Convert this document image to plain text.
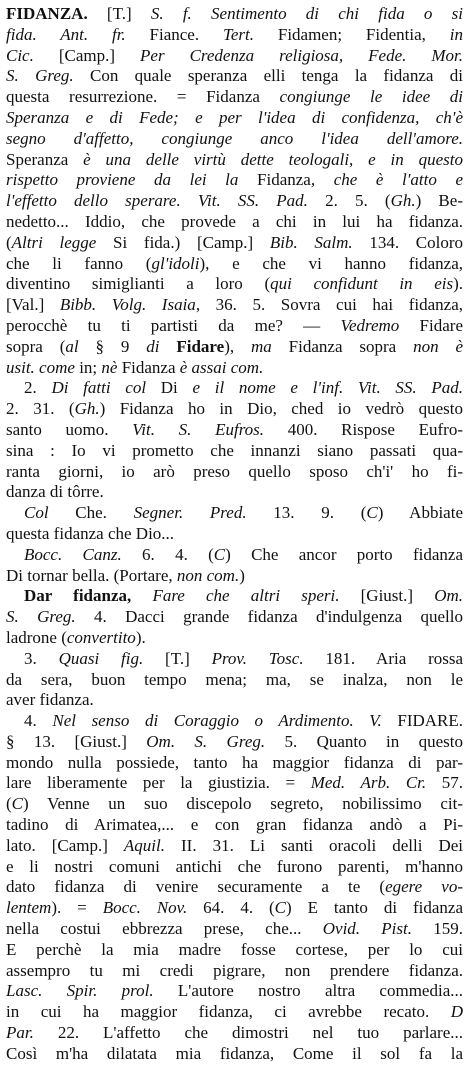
FIDANZA. [T.] S. f. Sentimento di chi fida o si
fida. Ant. fr. Fiance. Tert. Fidamen; Fidentia, in
Cic. [Camp.] Per Credenza religiosa, Fede. Mor.
S. Greg. Con quale speranza elli tenga la fidanza di
questa resurrezione. = Fidanza congiunge le idee di
Speranza e di Fede; e per l'idea di confidenza, ch'è
segno d'affetto, congiunge anco l'idea dell'amore.
Speranza è una delle virtù dette teologali, e in questo
rispetto proviene da lei la Fidanza, che è l'atto e
l'effetto dello sperare. Vit. SS. Pad. 2. 5. (Gh.) Be-
nedetto... Iddio, che provede a chi in lui ha fidanza.
(Altri legge Si fida.) [Camp.] Bib. Salm. 134. Coloro
che li fanno (gl'idoli), e che vi hanno fidanza,
diventino simiglianti a loro (qui confidunt in eis).
[Val.] Bibb. Volg. Isaia, 36. 5. Sovra cui hai fidanza,
perocchè tu ti partisti da me? — Vedremo Fidare
sopra (al § 9 di Fidare), ma Fidanza sopra non è
usit. come in; nè Fidanza è assai com.
2. Di fatti col Di e il nome e l'inf. Vit. SS. Pad.
2. 31. (Gh.) Fidanza ho in Dio, ched io vedrò questo
santo uomo. Vit. S. Eufros. 400. Rispose Eufro-
sina : Io vi prometto che innanzi siano passati qua-
ranta giorni, io arò preso quello sposo ch'i' ho fi-
danza di tôrre.
Col Che. Segner. Pred. 13. 9. (C) Abbiate
questa fidanza che Dio...
Bocc. Canz. 6. 4. (C) Che ancor porto fidanza
Di tornar bella. (Portare, non com.)
Dar fidanza, Fare che altri speri. [Giust.] Om.
S. Greg. 4. Dacci grande fidanza d'indulgenza quello
ladrone (convertito).
3. Quasi fig. [T.] Prov. Tosc. 181. Aria rossa
da sera, buon tempo mena; ma, se inalza, non le
aver fidanza.
4. Nel senso di Coraggio o Ardimento. V. FIDARE.
§ 13. [Giust.] Om. S. Greg. 5. Quanto in questo
mondo nulla possiede, tanto ha maggior fidanza di par-
lare liberamente per la giustizia. = Med. Arb. Cr. 57.
(C) Venne un suo discepolo segreto, nobilissimo cit-
tadino di Arimatea,... e con gran fidanza andò a Pi-
lato. [Camp.] Aquil. II. 31. Li santi oracoli delli Dei
e li nostri comuni antichi che furono parenti, m'hanno
dato fidanza di venire securamente a te (egere vo-
lentem). = Bocc. Nov. 64. 4. (C) E tanto di fidanza
nella costui ebbrezza prese, che... Ovid. Pist. 159.
E perchè la mia madre fosse cortese, per lo cui
assempro tu mi credi pigrare, non prendere fidanza.
Lasc. Spir. prol. L'autore nostro altra commedia...
in cui ha maggior fidanza, ci avrebbe recato. D
Par. 22. L'affetto che dimostri nel tuo parlare...
Così m'ha dilatata mia fidanza, Come il sol fa la
